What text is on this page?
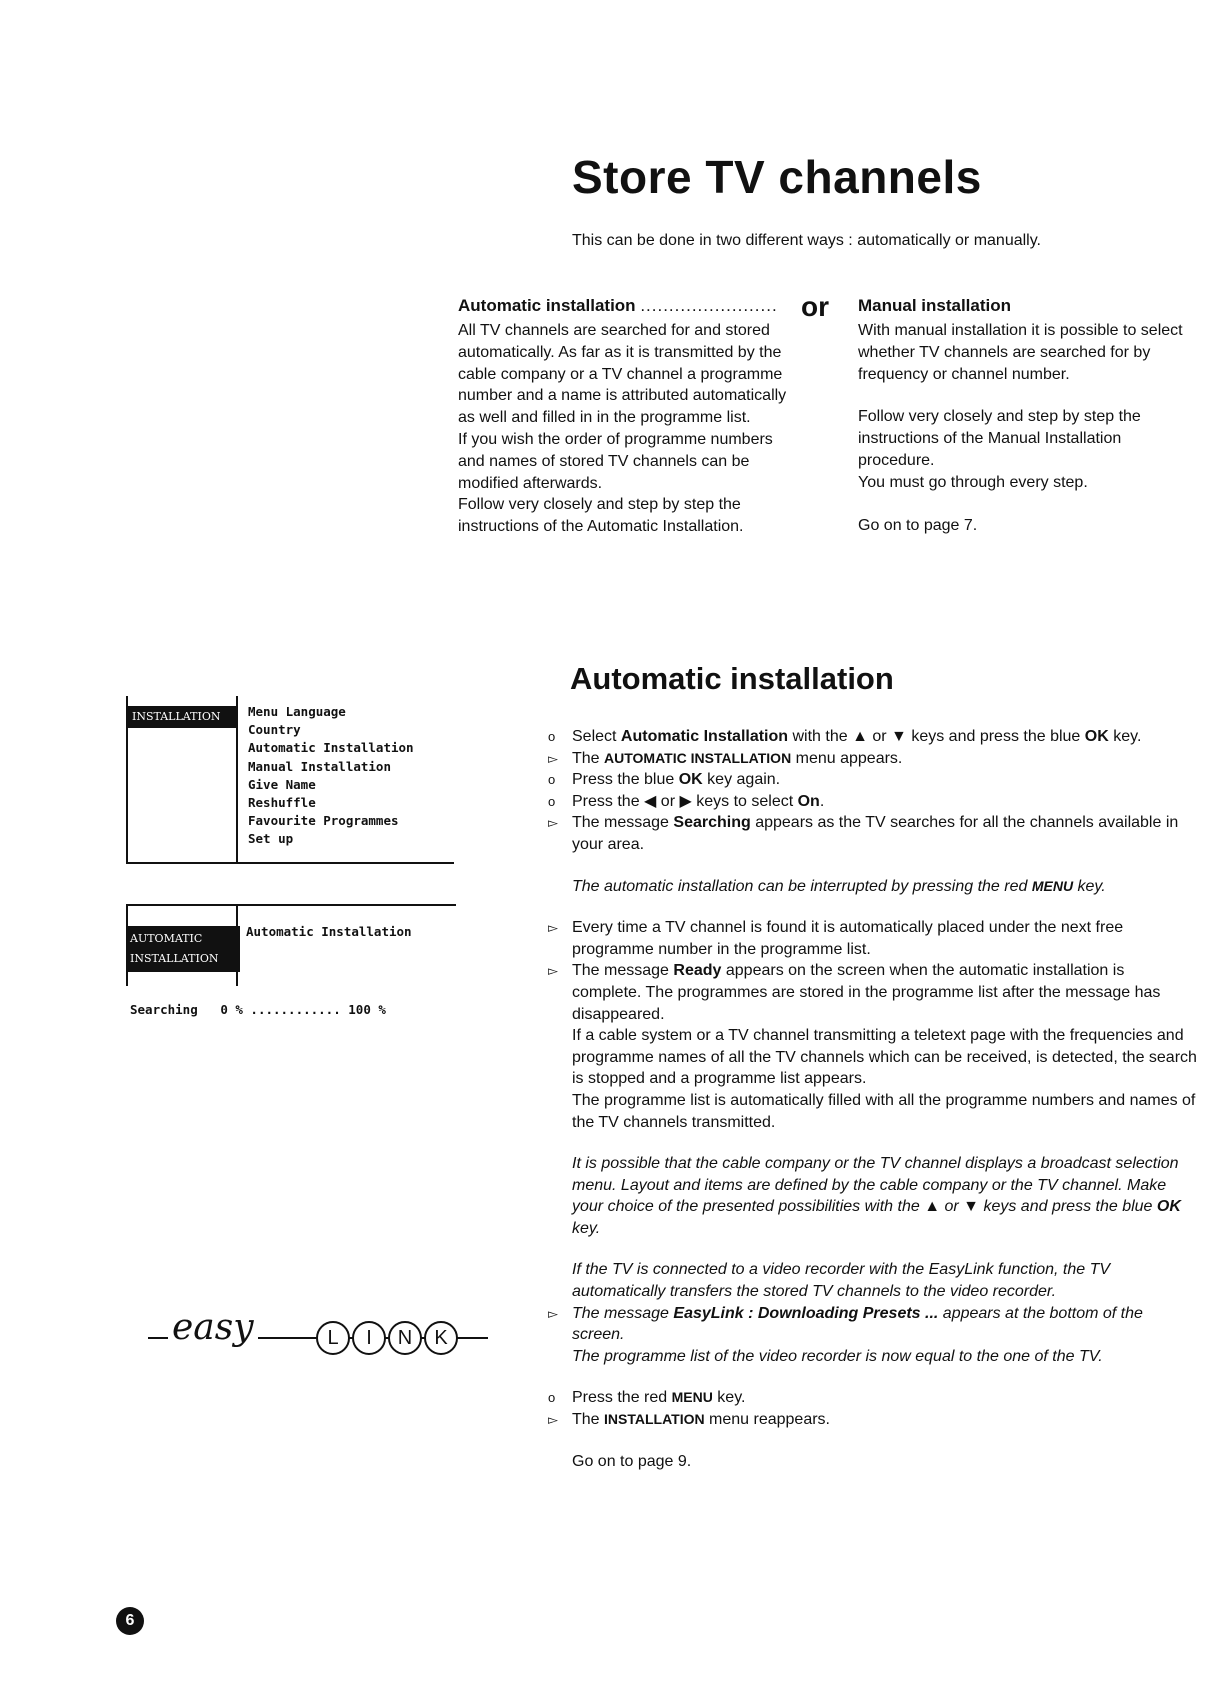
Store TV channels
This can be done in two different ways : automatically or manually.
Automatic installation ........................

All TV channels are searched for and stored automatically. As far as it is transmitted by the cable company or a TV channel a programme number and a name is attributed automatically as well and filled in in the programme list.

If you wish the order of programme numbers and names of stored TV channels can be modified afterwards.

Follow very closely and step by step the instructions of the Automatic Installation.

or Manual installation

With manual installation it is possible to select whether TV channels are searched for by frequency or channel number.

Follow very closely and step by step the instructions of the Manual Installation procedure.

You must go through every step.

Go on to page 7.

INSTALLATION	Menu Language
Country
Automatic Installation
Manual Installation
Give Name
Reshuffle
Favourite Programmes
Set up
AUTOMATIC
INSTALLATION
Automatic Installation
Searching 0 % ............ 100 %
easy	L	I	N	K
Automatic installation
o	Select Automatic Installation with the ▲ or ▼ keys and press the blue OK key.
▻ The AUTOMATIC INSTALLATION menu appears.
o	Press the blue OK key again.
o	Press the ◀ or ▶ keys to select On.
▻ The message Searching appears as the TV searches for all the channels available in your area.
The automatic installation can be interrupted by pressing the red MENU key.
▻ Every time a TV channel is found it is automatically placed under the next free programme number in the programme list.
▻ The message Ready appears on the screen when the automatic installation is complete. The programmes are stored in the programme list after the message has disappeared.
If a cable system or a TV channel transmitting a teletext page with the frequencies and programme names of all the TV channels which can be received, is detected, the search is stopped and a programme list appears.
The programme list is automatically filled with all the programme numbers and names of the TV channels transmitted.
It is possible that the cable company or the TV channel displays a broadcast selection menu. Layout and items are defined by the cable company or the TV channel. Make your choice of the presented possibilities with the ▲ or ▼ keys and press the blue OK key.
If the TV is connected to a video recorder with the EasyLink function, the TV automatically transfers the stored TV channels to the video recorder.
▻ The message EasyLink : Downloading Presets ... appears at the bottom of the screen.
The programme list of the video recorder is now equal to the one of the TV.
o	Press the red MENU key.
▻ The INSTALLATION menu reappears.
Go on to page 9.
6
